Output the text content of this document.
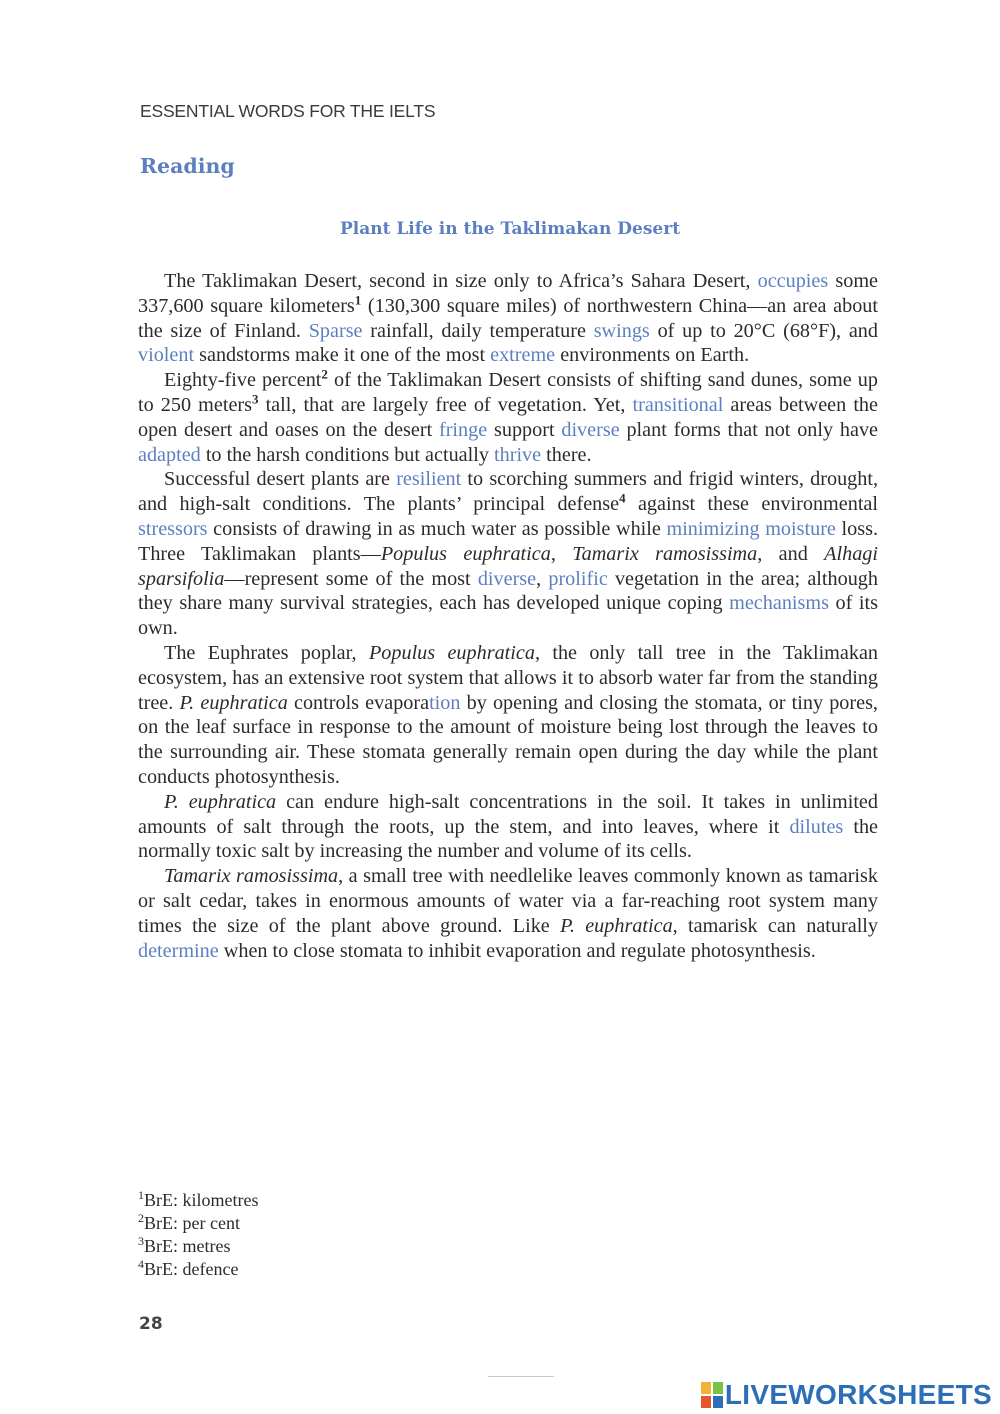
ESSENTIAL WORDS FOR THE IELTS
Reading
Plant Life in the Taklimakan Desert

The Taklimakan Desert, second in size only to Africa’s Sahara Desert, occupies some 337,600 square kilometers$^1$ (130,300 square miles) of northwestern China—an area about the size of Finland. Sparse rainfall, daily temperature swings of up to 20°C (68°F), and violent sandstorms make it one of the most extreme environments on Earth.

Eighty-five percent$^2$ of the Taklimakan Desert consists of shifting sand dunes, some up to 250 meters$^3$ tall, that are largely free of vegetation. Yet, transitional areas between the open desert and oases on the desert fringe support diverse plant forms that not only have adapted to the harsh conditions but actually thrive there.

Successful desert plants are resilient to scorching summers and frigid winters, drought, and high-salt conditions. The plants’ principal defense$^4$ against these environmental stressors consists of drawing in as much water as possible while minimizing moisture loss. Three Taklimakan plants—Populus euphratica, Tamarix ramosissima, and Alhagi sparsifolia—represent some of the most diverse, prolific vegetation in the area; although they share many survival strategies, each has developed unique coping mechanisms of its own.

The Euphrates poplar, Populus euphratica, the only tall tree in the Taklimakan ecosystem, has an extensive root system that allows it to absorb water far from the standing tree. P. euphratica controls evaporation by opening and closing the stomata, or tiny pores, on the leaf surface in response to the amount of moisture being lost through the leaves to the surrounding air. These stomata generally remain open during the day while the plant conducts photosynthesis.

P. euphratica can endure high-salt concentrations in the soil. It takes in unlimited amounts of salt through the roots, up the stem, and into leaves, where it dilutes the normally toxic salt by increasing the number and volume of its cells.

Tamarix ramosissima, a small tree with needlelike leaves commonly known as tamarisk or salt cedar, takes in enormous amounts of water via a far-reaching root system many times the size of the plant above ground. Like P. euphratica, tamarisk can naturally determine when to close stomata to inhibit evaporation and regulate photosynthesis.

$^1$BrE: kilometres
$^2$BrE: per cent
$^3$BrE: metres
$^4$BrE: defence
28
LIVEWORKSHEETS
